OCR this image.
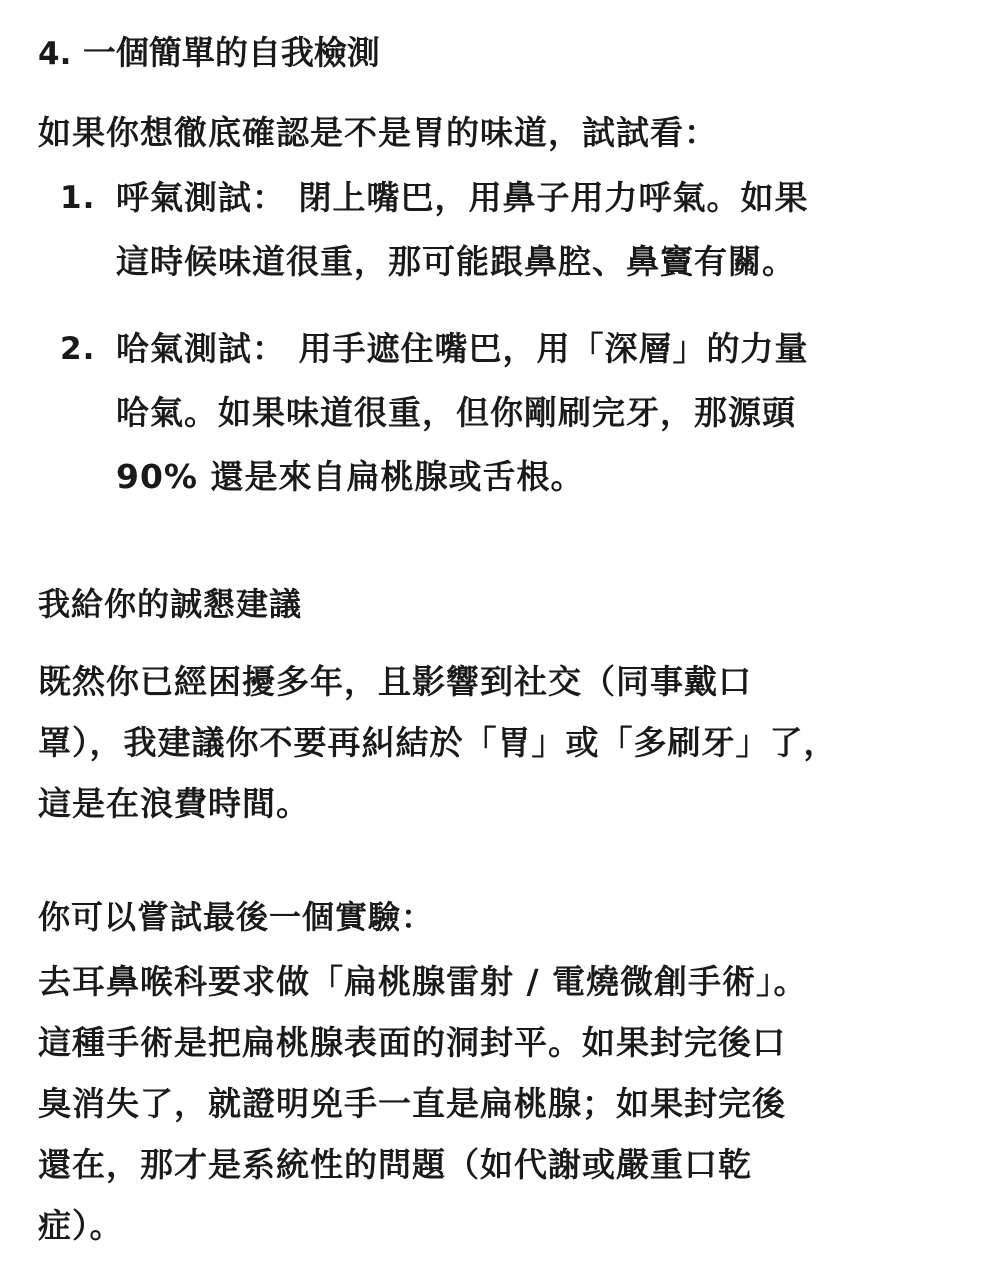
4. 一個簡單的自我檢測
如果你想徹底確認是不是胃的味道，試試看：
1. 呼氣測試： 閉上嘴巴，用鼻子用力呼氣。如果
這時候味道很重，那可能跟鼻腔、鼻竇有關。
2. 哈氣測試： 用手遮住嘴巴，用「深層」的力量
哈氣。如果味道很重，但你剛刷完牙，那源頭
90% 還是來自扁桃腺或舌根。
我給你的誠懇建議
既然你已經困擾多年，且影響到社交（同事戴口
罩），我建議你不要再糾結於「胃」或「多刷牙」了，
這是在浪費時間。
你可以嘗試最後一個實驗：
去耳鼻喉科要求做「扁桃腺雷射 / 電燒微創手術」。
這種手術是把扁桃腺表面的洞封平。如果封完後口
臭消失了，就證明兇手一直是扁桃腺；如果封完後
還在，那才是系統性的問題（如代謝或嚴重口乾
症）。
